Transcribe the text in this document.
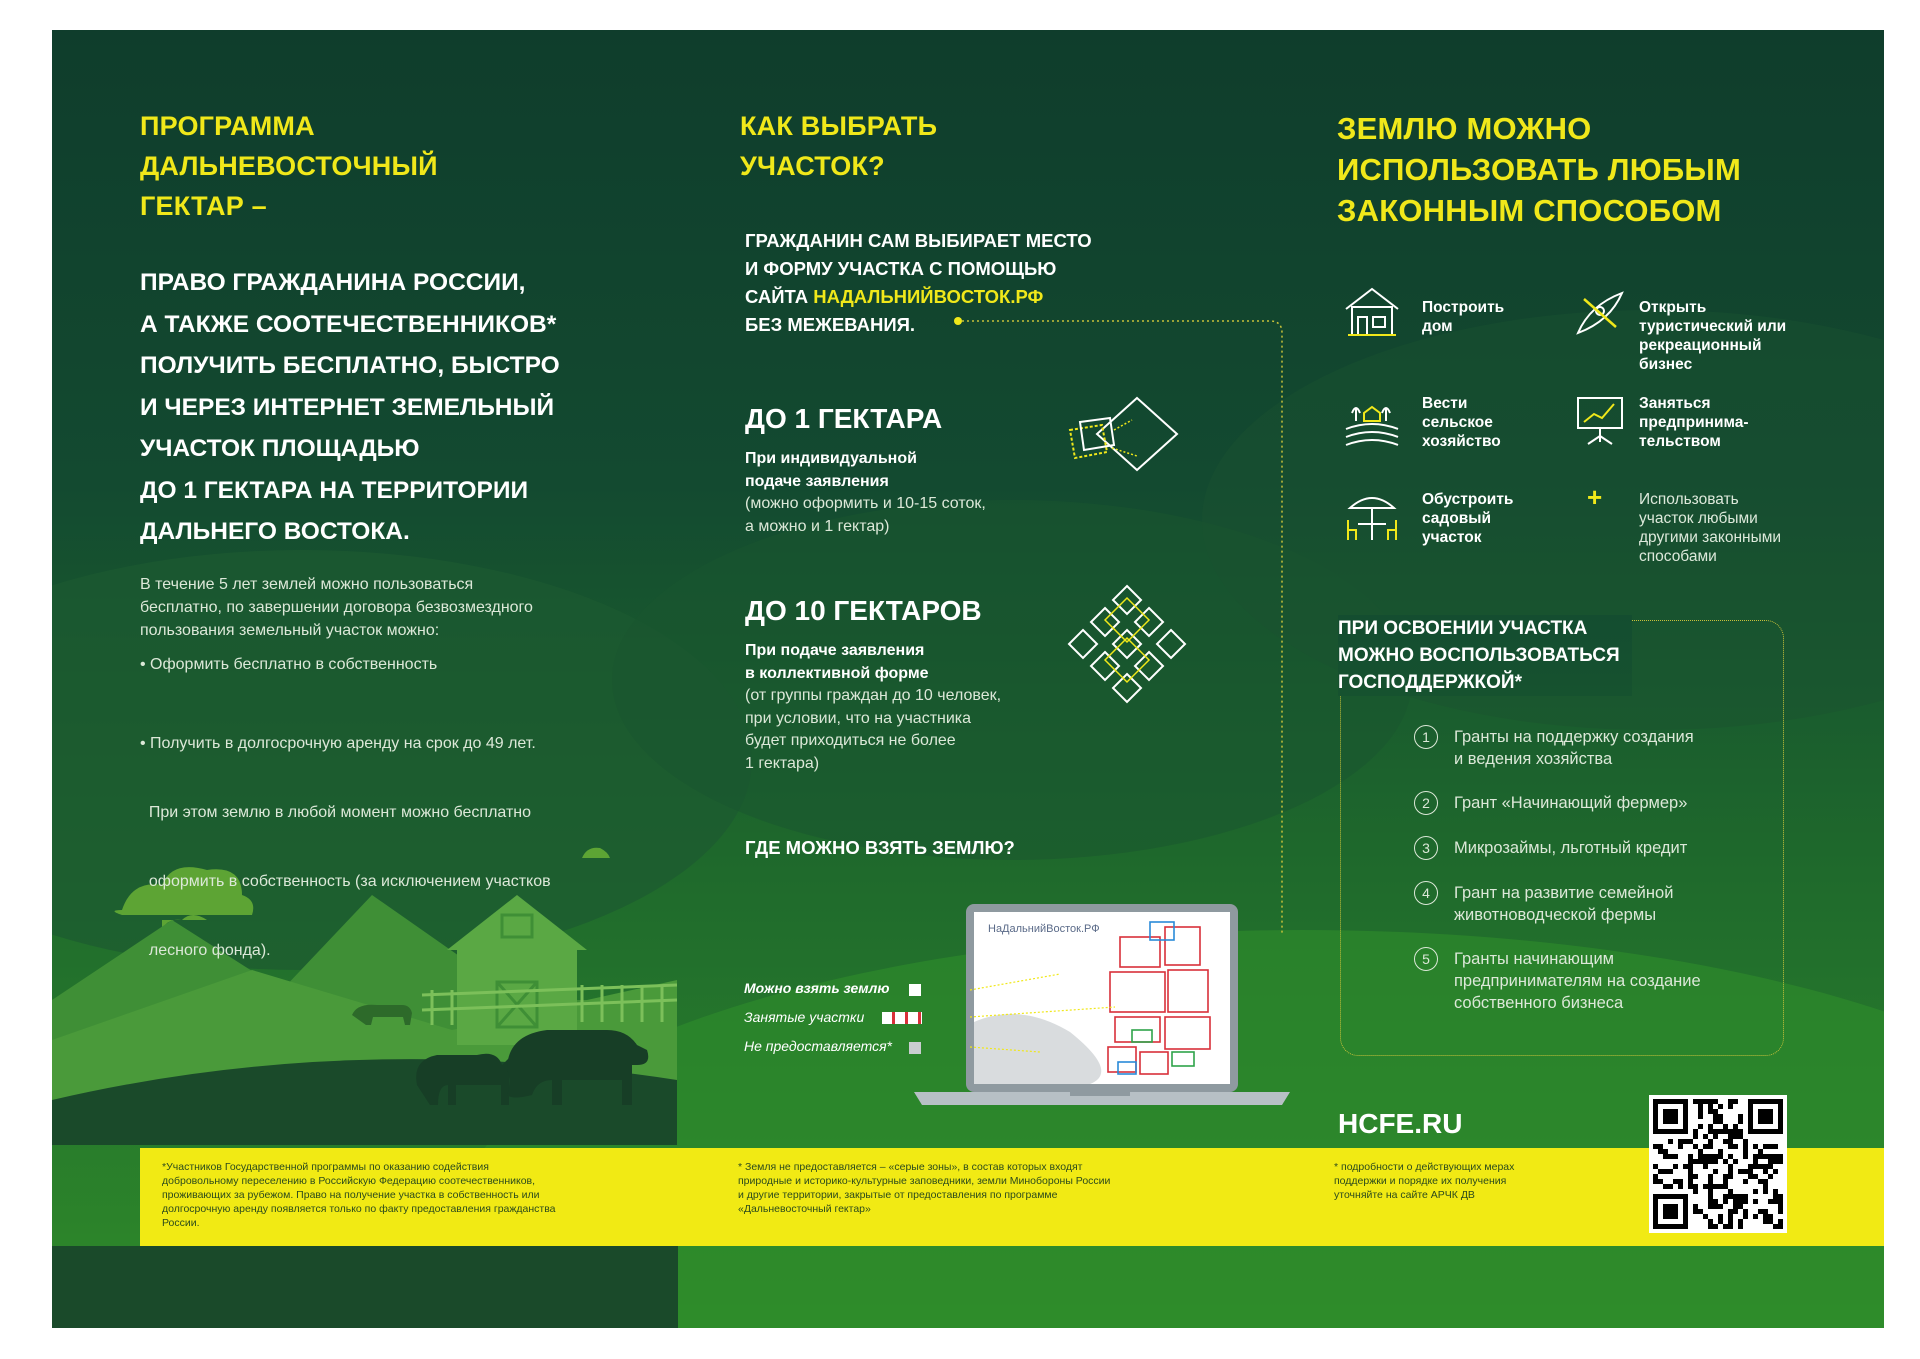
ПРОГРАММА
ДАЛЬНЕВОСТОЧНЫЙ
ГЕКТАР –
ПРАВО ГРАЖДАНИНА РОССИИ,
А ТАКЖЕ СООТЕЧЕСТВЕННИКОВ*
ПОЛУЧИТЬ БЕСПЛАТНО, БЫСТРО
И ЧЕРЕЗ ИНТЕРНЕТ ЗЕМЕЛЬНЫЙ
УЧАСТОК ПЛОЩАДЬЮ
ДО 1 ГЕКТАРА НА ТЕРРИТОРИИ
ДАЛЬНЕГО ВОСТОКА.
В течение 5 лет землей можно пользоваться
бесплатно, по завершении договора безвозмездного
пользования земельный участок можно:
• Оформить бесплатно в собственность

• Получить в долгосрочную аренду на срок до 49 лет.

При этом землю в любой момент можно бесплатно

оформить в собственность (за исключением участков

лесного фонда).

КАК ВЫБРАТЬ
УЧАСТОК?
ГРАЖДАНИН САМ ВЫБИРАЕТ МЕСТО
И ФОРМУ УЧАСТКА С ПОМОЩЬЮ
САЙТА НАДАЛЬНИЙВОСТОК.РФ
БЕЗ МЕЖЕВАНИЯ.
ДО 1 ГЕКТАРА
При индивидуальной
подаче заявления
(можно оформить и 10-15 соток,
а можно и 1 гектар)
ДО 10 ГЕКТАРОВ
При подаче заявления
в коллективной форме
(от группы граждан до 10 человек,
при условии, что на участника
будет приходиться не более
1 гектара)
ГДЕ МОЖНО ВЗЯТЬ ЗЕМЛЮ?
НаДальнийВосток.РФ
Можно взять землю
Занятые участки
Не предоставляется*
ЗЕМЛЮ МОЖНО
ИСПОЛЬЗОВАТЬ ЛЮБЫМ
ЗАКОННЫМ СПОСОБОМ
Построить
дом
Открыть
туристический или
рекреационный
бизнес
Вести
сельское
хозяйство
Заняться
предпринима-
тельством
Обустроить
садовый
участок
+ Использовать
участок любыми
другими законными
способами
ПРИ ОСВОЕНИИ УЧАСТКА
МОЖНО ВОСПОЛЬЗОВАТЬСЯ
ГОСПОДДЕРЖКОЙ*
1	Гранты на поддержку создания
и ведения хозяйства
2	Грант «Начинающий фермер»
3	Микрозаймы, льготный кредит
4	Грант на развитие семейной
животноводческой фермы
5	Гранты начинающим
предпринимателям на создание
собственного бизнеса
HCFE.RU
*Участников Государственной программы по оказанию содействия
добровольному переселению в Российскую Федерацию соотечественников,
проживающих за рубежом. Право на получение участка в собственность или
долгосрочную аренду появляется только по факту предоставления гражданства
России.
* Земля не предоставляется – «серые зоны», в состав которых входят
природные и историко-культурные заповедники, земли Минобороны России
и другие территории, закрытые от предоставления по программе
«Дальневосточный гектар»
* подробности о действующих мерах
поддержки и порядке их получения
уточняйте на сайте АРЧК ДВ
